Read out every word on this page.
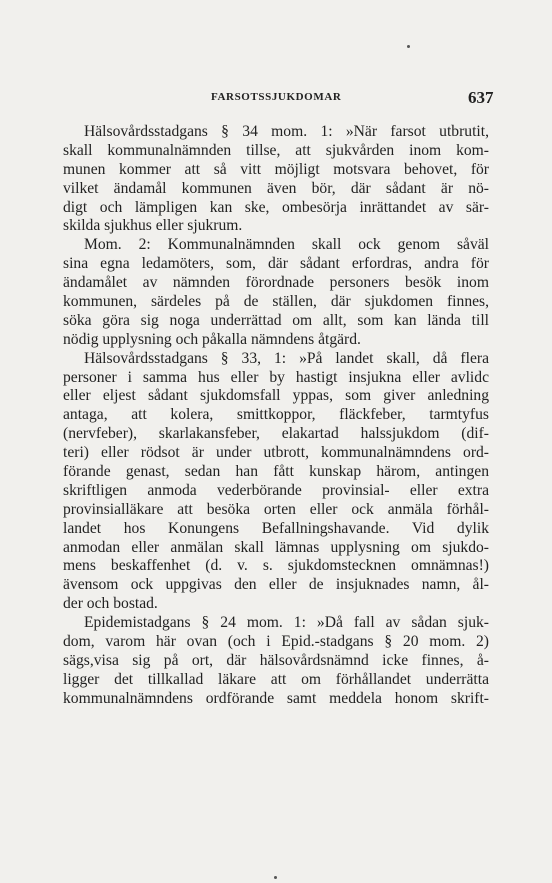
FARSOTSSJUKDOMAR	637
Hälsovårdsstadgans § 34 mom. 1: »När farsot utbrutit,
skall kommunalnämnden tillse, att sjukvården inom kom-
munen kommer att så vitt möjligt motsvara behovet, för
vilket ändamål kommunen även bör, där sådant är nö-
digt och lämpligen kan ske, ombesörja inrättandet av sär-
skilda sjukhus eller sjukrum.
Mom. 2: Kommunalnämnden skall ock genom såväl
sina egna ledamöters, som, där sådant erfordras, andra för
ändamålet av nämnden förordnade personers besök inom
kommunen, särdeles på de ställen, där sjukdomen finnes,
söka göra sig noga underrättad om allt, som kan lända till
nödig upplysning och påkalla nämndens åtgärd.
Hälsovårdsstadgans § 33, 1: »På landet skall, då flera
personer i samma hus eller by hastigt insjukna eller avlidc
eller eljest sådant sjukdomsfall yppas, som giver anledning
antaga, att kolera, smittkoppor, fläckfeber, tarmtyfus
(nervfeber), skarlakansfeber, elakartad halssjukdom (dif-
teri) eller rödsot är under utbrott, kommunalnämndens ord-
förande genast, sedan han fått kunskap härom, antingen
skriftligen anmoda vederbörande provinsial- eller extra
provinsialläkare att besöka orten eller ock anmäla förhål-
landet hos Konungens Befallningshavande. Vid dylik
anmodan eller anmälan skall lämnas upplysning om sjukdo-
mens beskaffenhet (d. v. s. sjukdomstecknen omnämnas!)
ävensom ock uppgivas den eller de insjuknades namn, ål-
der och bostad.
Epidemistadgans § 24 mom. 1: »Då fall av sådan sjuk-
dom, varom här ovan (och i Epid.-stadgans § 20 mom. 2)
sägs,visa sig på ort, där hälsovårdsnämnd icke finnes, å-
ligger det tillkallad läkare att om förhållandet underrätta
kommunalnämndens ordförande samt meddela honom skrift-
